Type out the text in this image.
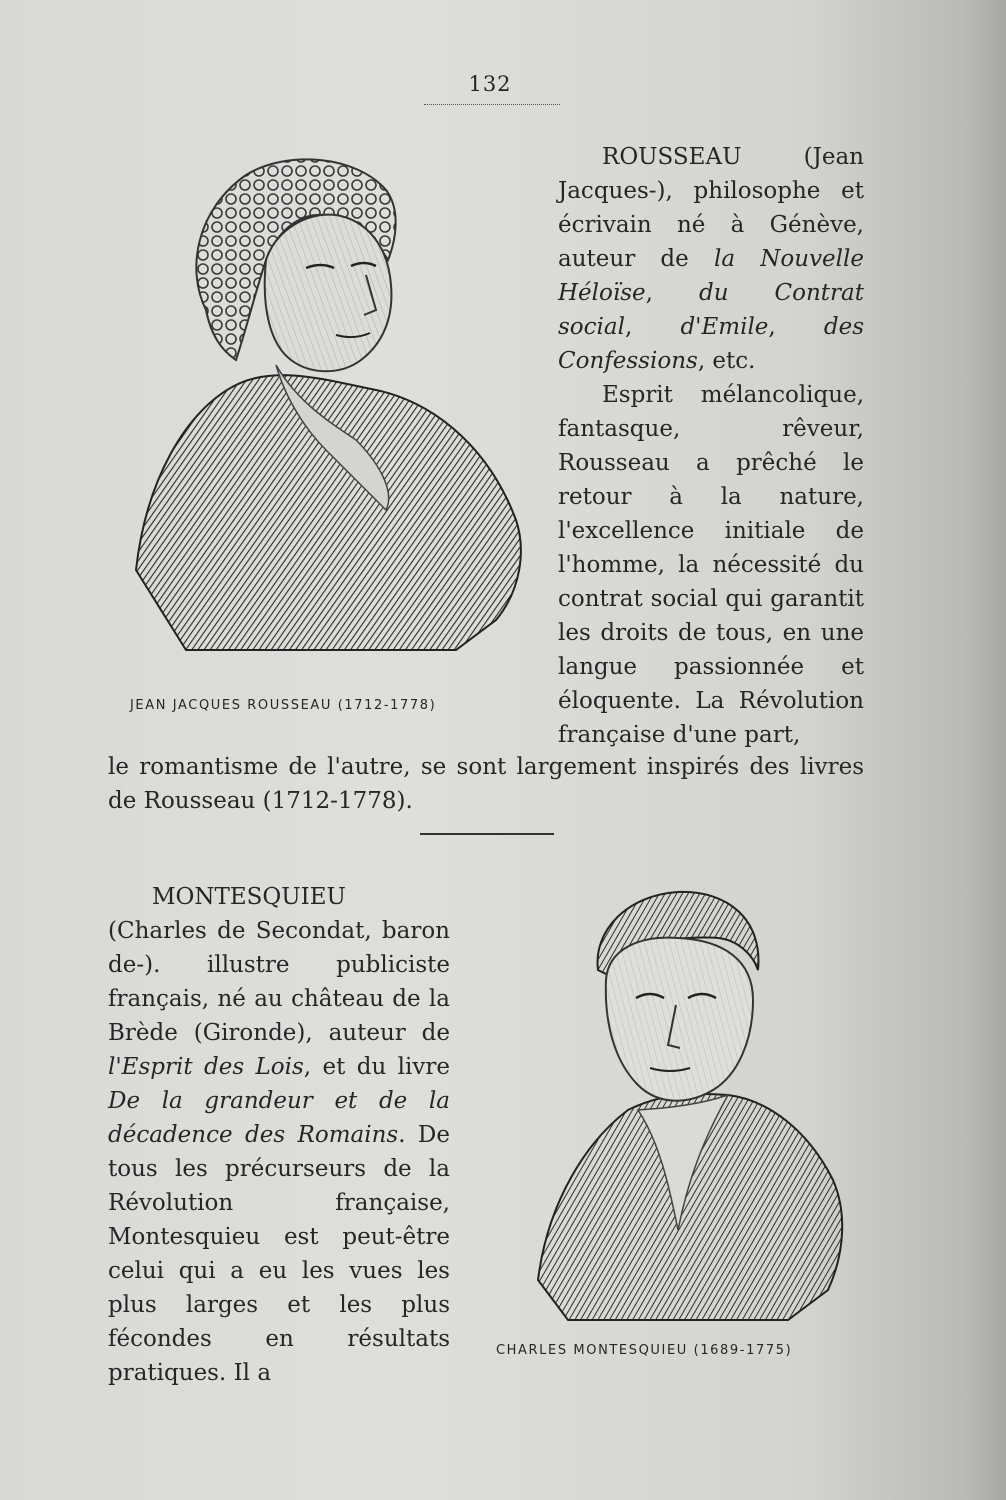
132
JEAN JACQUES ROUSSEAU (1712-1778)

ROUSSEAU (Jean Jacques-), philosophe et écrivain né à Génève, auteur de la Nouvelle Héloïse, du Contrat social, d'Emile, des Confessions, etc.

Esprit mélancolique, fantasque, rêveur, Rousseau a prêché le retour à la nature, l'excellence initiale de l'homme, la nécessité du contrat social qui garantit les droits de tous, en une langue passionnée et éloquente. La Révolution française d'une part,

le romantisme de l'autre, se sont largement inspirés des livres de Rousseau (1712-1778).

MONTESQUIEU (Charles de Secondat, baron de-). illustre publiciste français, né au château de la Brède (Gironde), auteur de l'Esprit des Lois, et du livre De la grandeur et de la décadence des Romains. De tous les précurseurs de la Révolution française, Montesquieu est peut-être celui qui a eu les vues les plus larges et les plus fécondes en résultats pratiques. Il a

CHARLES MONTESQUIEU (1689-1775)
